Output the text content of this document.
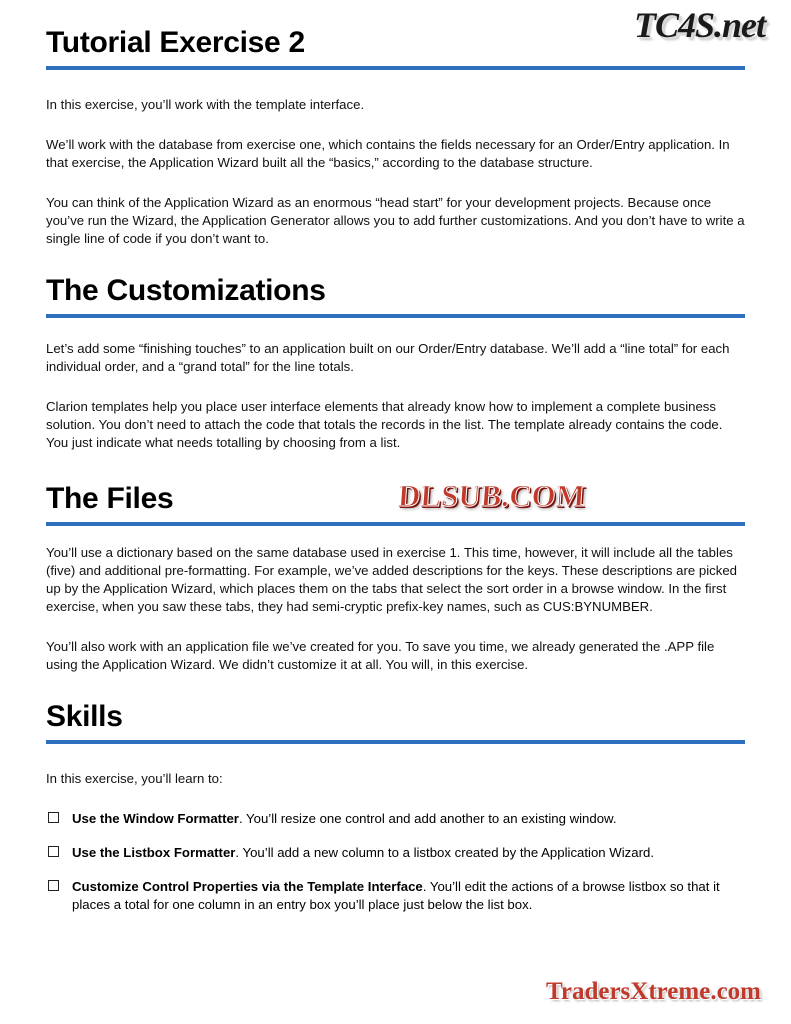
TC4S.net
Tutorial Exercise 2

In this exercise, you’ll work with the template interface.

We’ll work with the database from exercise one, which contains the fields necessary for an Order/Entry application. In that exercise, the Application Wizard built all the “basics,” according to the database structure.

You can think of the Application Wizard as an enormous “head start” for your development projects. Because once you’ve run the Wizard, the Application Generator allows you to add further customizations. And you don’t have to write a single line of code if you don’t want to.

The Customizations

Let’s add some “finishing touches” to an application built on our Order/Entry database. We’ll add a “line total” for each individual order, and a “grand total” for the line totals.

Clarion templates help you place user interface elements that already know how to implement a complete business solution. You don’t need to attach the code that totals the records in the list. The template already contains the code. You just indicate what needs totalling by choosing from a list.

The Files	DLSUB.COM

You’ll use a dictionary based on the same database used in exercise 1. This time, however, it will include all the tables (five) and additional pre-formatting. For example, we’ve added descriptions for the keys. These descriptions are picked up by the Application Wizard, which places them on the tabs that select the sort order in a browse window. In the first exercise, when you saw these tabs, they had semi-cryptic prefix-key names, such as CUS:BYNUMBER.

You’ll also work with an application file we’ve created for you. To save you time, we already generated the .APP file using the Application Wizard. We didn’t customize it at all. You will, in this exercise.

Skills

In this exercise, you’ll learn to:

Use the Window Formatter. You’ll resize one control and add another to an existing window.
Use the Listbox Formatter. You’ll add a new column to a listbox created by the Application Wizard.
Customize Control Properties via the Template Interface. You’ll edit the actions of a browse listbox so that it places a total for one column in an entry box you’ll place just below the list box.
TradersXtreme.com
